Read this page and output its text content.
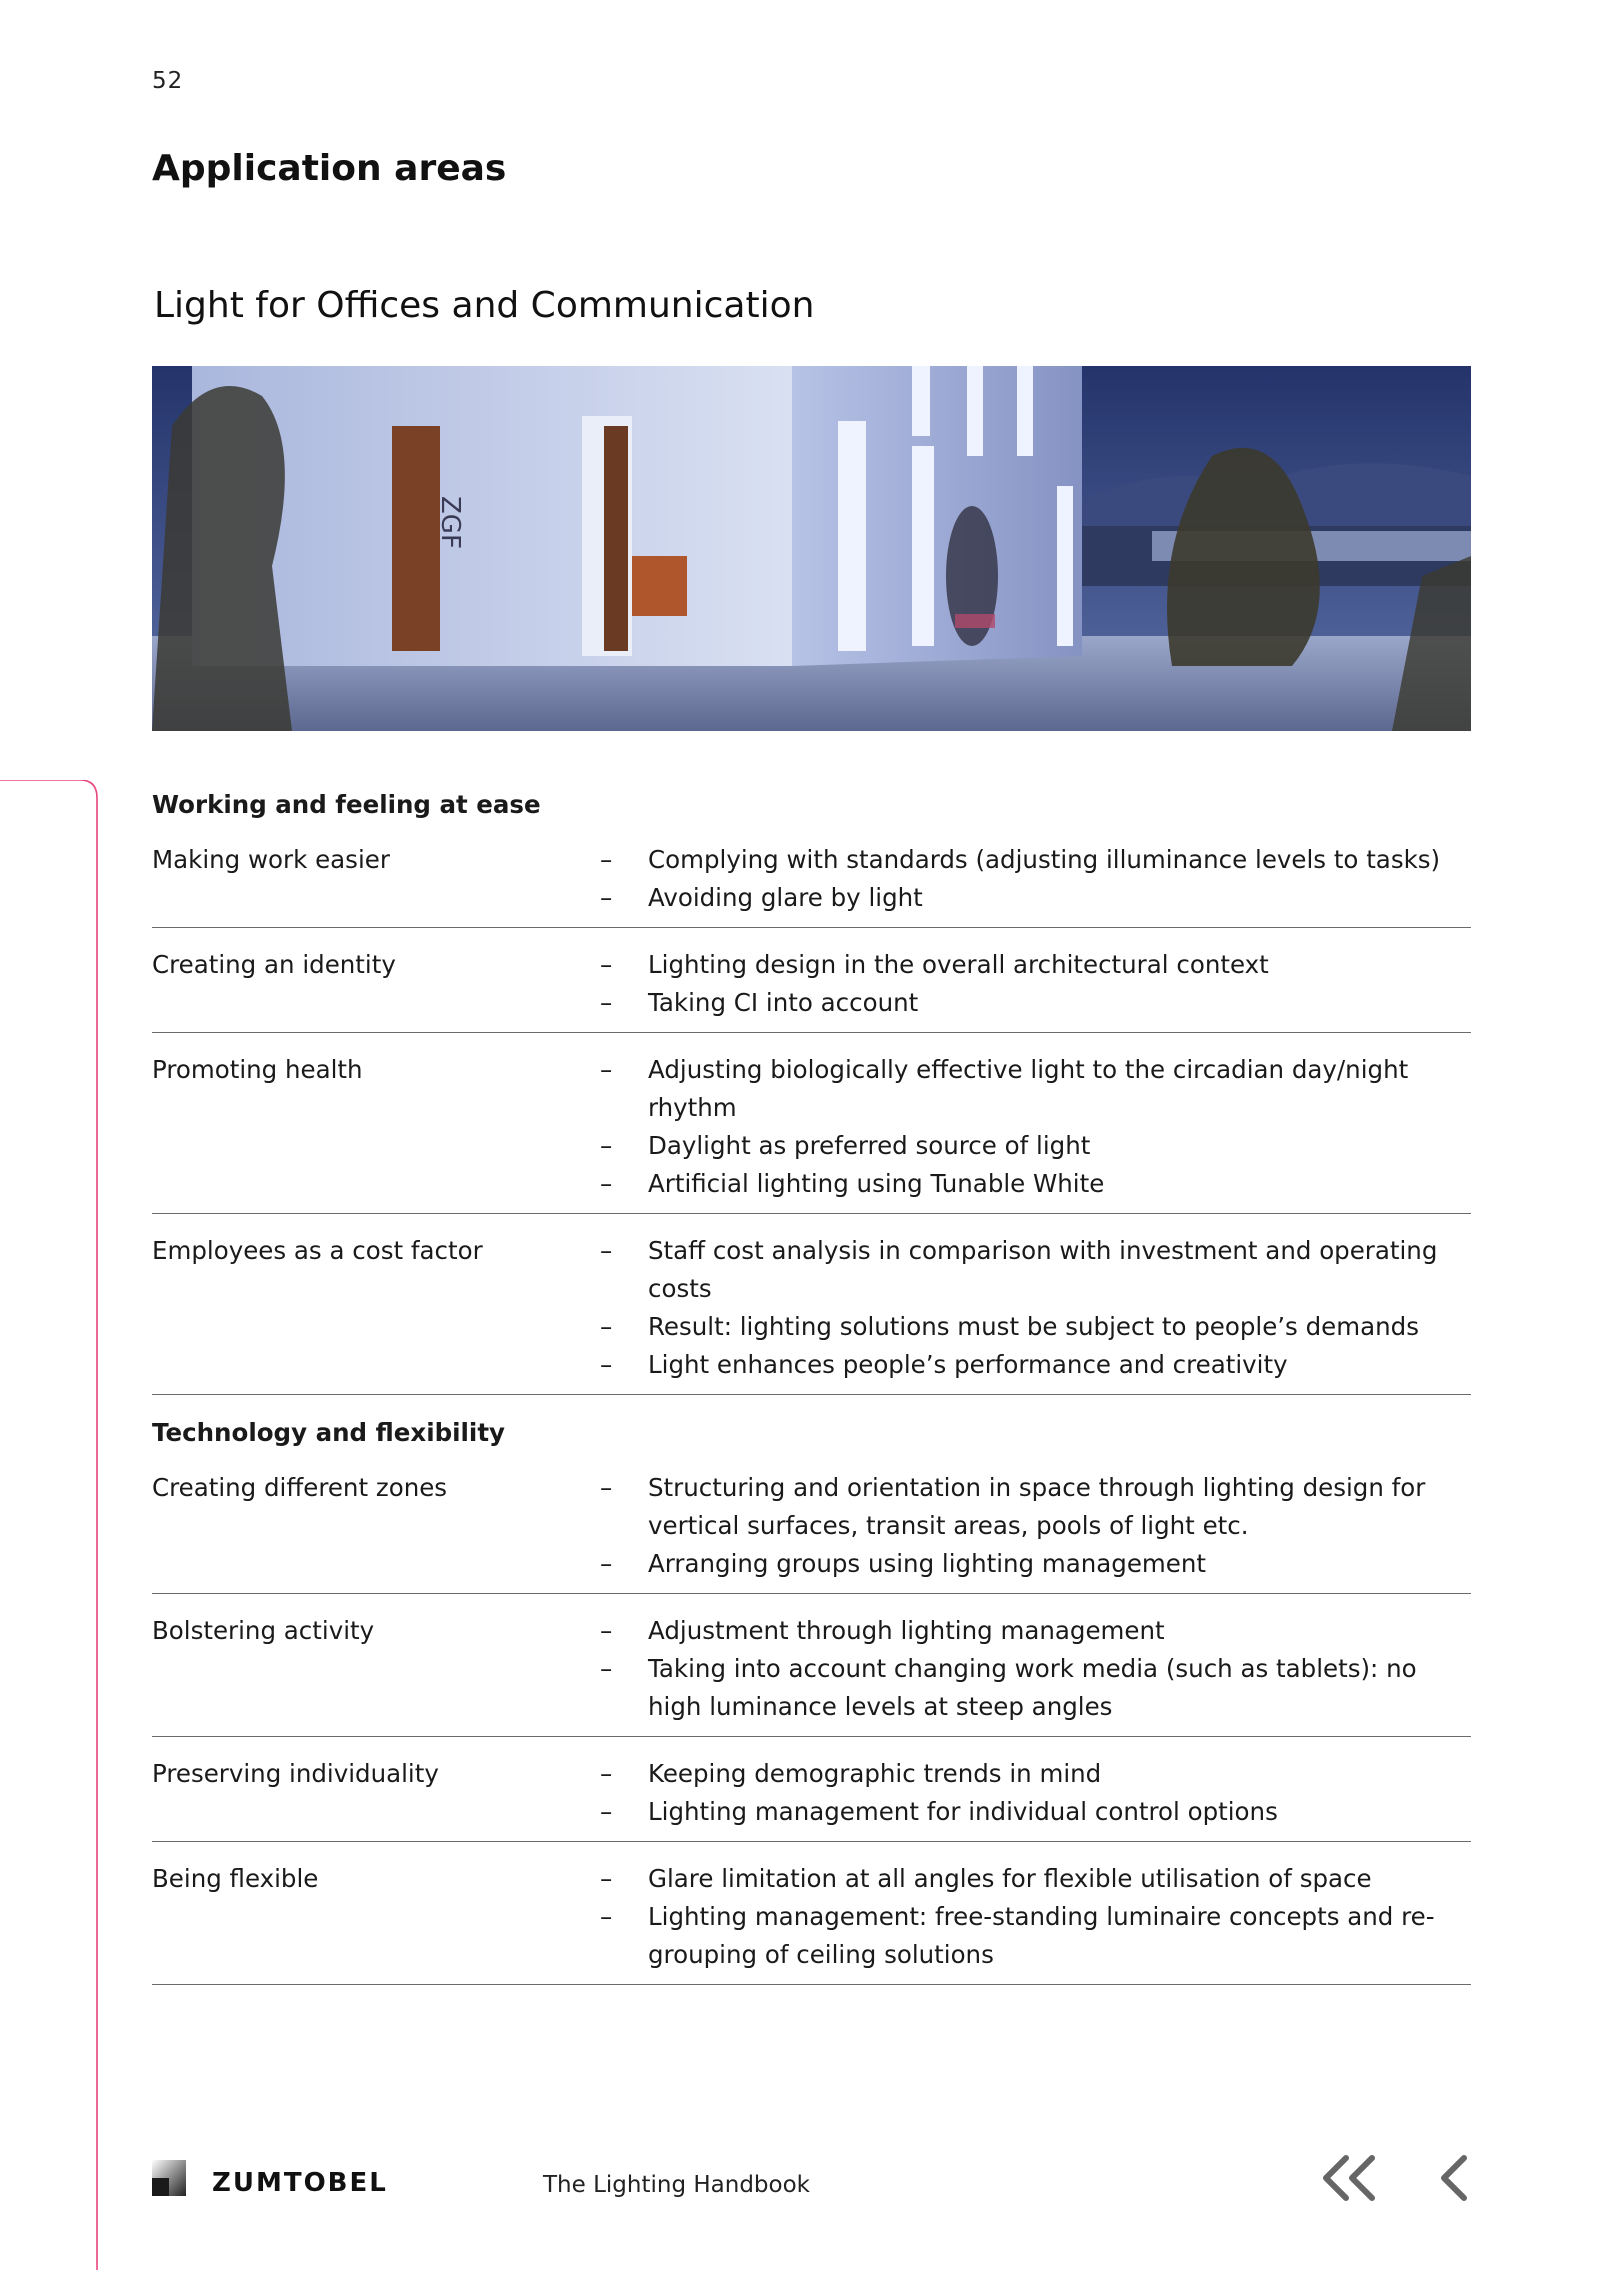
52
Application areas
Light for Offices and Communication
ZGF
Working and feeling at ease
Making work easier	– Complying with standards (adjusting illuminance levels to tasks)
– Avoiding glare by light
Creating an identity	– Lighting design in the overall architectural context
– Taking CI into account
Promoting health	– Adjusting biologically effective light to the circadian day/night rhythm
– Daylight as preferred source of light
– Artificial lighting using Tunable White
Employees as a cost factor	– Staff cost analysis in comparison with investment and operating costs
– Result: lighting solutions must be subject to people’s demands
– Light enhances people’s performance and creativity
Technology and flexibility
Creating different zones	– Structuring and orientation in space through lighting design for vertical surfaces, transit areas, pools of light etc.
– Arranging groups using lighting management
Bolstering activity	– Adjustment through lighting management
– Taking into account changing work media (such as tablets): no high luminance levels at steep angles
Preserving individuality	– Keeping demographic trends in mind
– Lighting management for individual control options
Being flexible	– Glare limitation at all angles for flexible utilisation of space
– Lighting management: free-standing luminaire concepts and re-grouping of ceiling solutions
ZUMTOBEL	The Lighting Handbook
